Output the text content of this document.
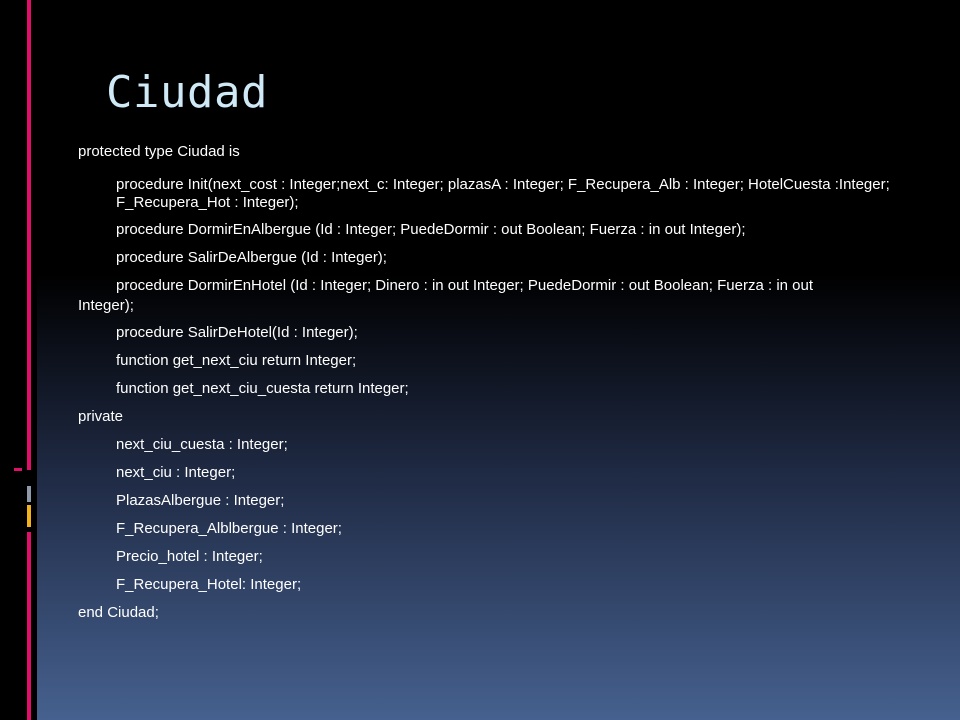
Ciudad

protected type Ciudad is

procedure Init(next_cost : Integer;next_c: Integer; plazasA : Integer; F_Recupera_Alb : Integer; HotelCuesta :Integer; F_Recupera_Hot : Integer);

procedure DormirEnAlbergue (Id : Integer; PuedeDormir : out Boolean; Fuerza : in out Integer);

procedure SalirDeAlbergue (Id : Integer);

procedure DormirEnHotel (Id : Integer; Dinero : in out Integer; PuedeDormir : out Boolean; Fuerza : in out

Integer);

procedure SalirDeHotel(Id : Integer);

function get_next_ciu return Integer;

function get_next_ciu_cuesta return Integer;

private

next_ciu_cuesta : Integer;

next_ciu : Integer;

PlazasAlbergue : Integer;

F_Recupera_Alblbergue : Integer;

Precio_hotel : Integer;

F_Recupera_Hotel: Integer;

end Ciudad;
